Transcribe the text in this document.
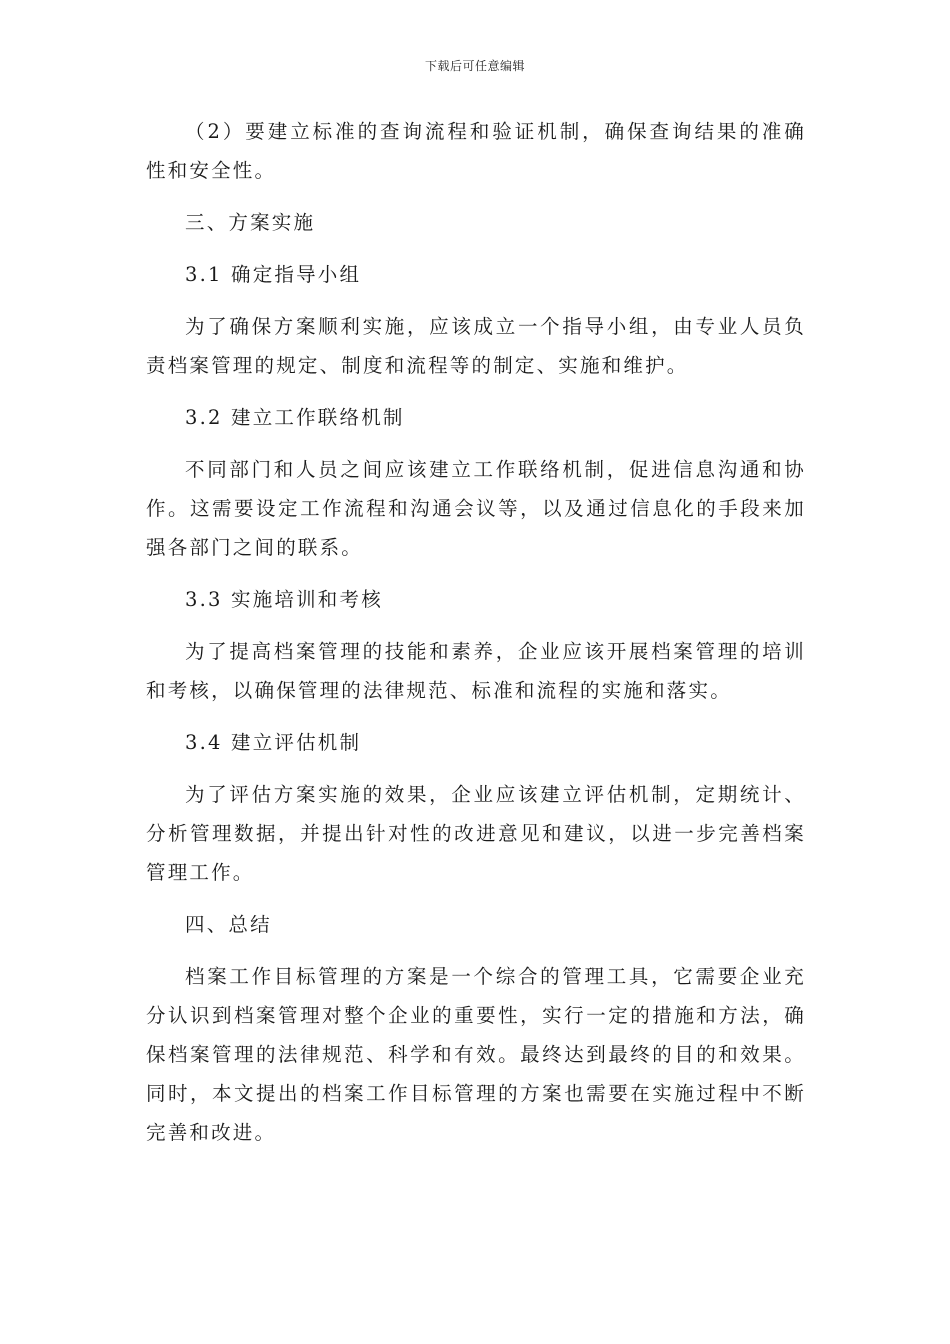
下载后可任意编辑

（2）要建立标准的查询流程和验证机制，确保查询结果的准确性和安全性。

三、方案实施

3.1 确定指导小组

为了确保方案顺利实施，应该成立一个指导小组，由专业人员负责档案管理的规定、制度和流程等的制定、实施和维护。

3.2 建立工作联络机制

不同部门和人员之间应该建立工作联络机制，促进信息沟通和协作。这需要设定工作流程和沟通会议等，以及通过信息化的手段来加强各部门之间的联系。

3.3 实施培训和考核

为了提高档案管理的技能和素养，企业应该开展档案管理的培训和考核，以确保管理的法律规范、标准和流程的实施和落实。

3.4 建立评估机制

为了评估方案实施的效果，企业应该建立评估机制，定期统计、分析管理数据，并提出针对性的改进意见和建议，以进一步完善档案管理工作。

四、总结

档案工作目标管理的方案是一个综合的管理工具，它需要企业充分认识到档案管理对整个企业的重要性，实行一定的措施和方法，确保档案管理的法律规范、科学和有效。最终达到最终的目的和效果。同时，本文提出的档案工作目标管理的方案也需要在实施过程中不断完善和改进。
